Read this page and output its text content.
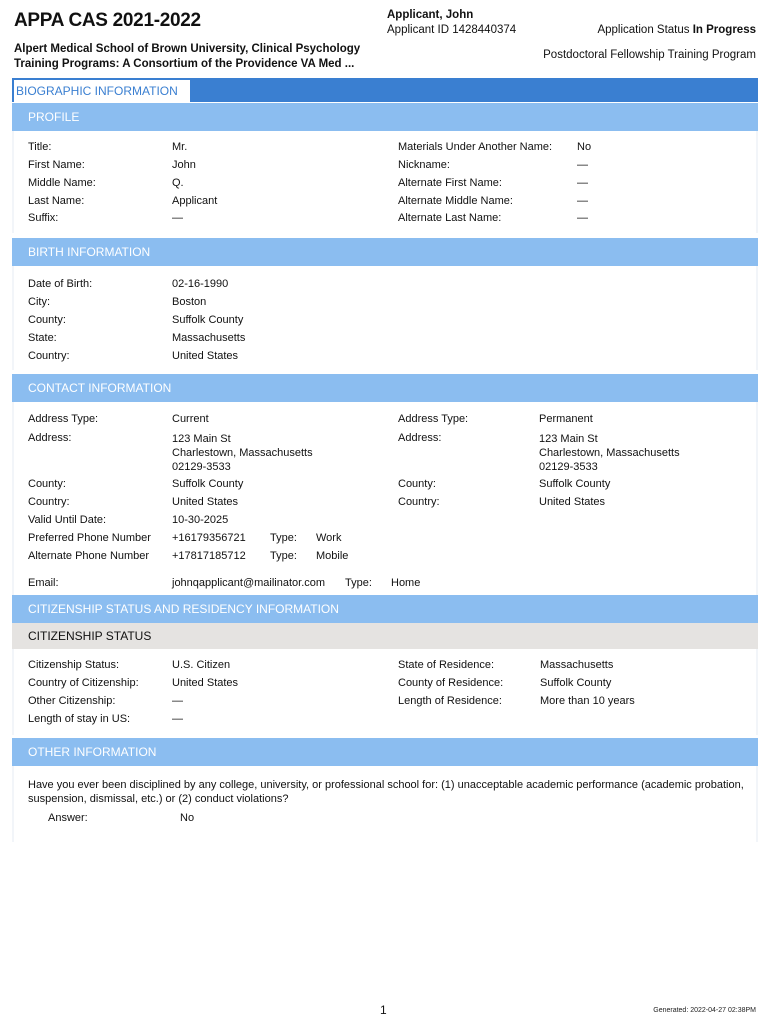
APPA CAS 2021-2022
Alpert Medical School of Brown University, Clinical Psychology Training Programs: A Consortium of the Providence VA Med ...
Applicant, John
Applicant ID 1428440374	Application Status In Progress
Postdoctoral Fellowship Training Program
BIOGRAPHIC INFORMATION
PROFILE
Title:	Mr.
First Name:	John
Middle Name:	Q.
Last Name:	Applicant
Suffix:	—
Materials Under Another Name: No
Nickname:	—
Alternate First Name:	—
Alternate Middle Name:	—
Alternate Last Name:	—
BIRTH INFORMATION
Date of Birth:	02-16-1990
City:	Boston
County:	Suffolk County
State:	Massachusetts
Country:	United States
CONTACT INFORMATION
Address Type:	Current
Address:	123 Main St
Charlestown, Massachusetts
02129-3533
County:	Suffolk County
Country:	United States
Valid Until Date:	10-30-2025
Preferred Phone Number +16179356721 Type: Work
Alternate Phone Number +17817185712 Type: Mobile
Email:	johnqapplicant@mailinator.com Type: Home
Address Type:	Permanent
Address:	123 Main St
Charlestown, Massachusetts
02129-3533
County:	Suffolk County
Country:	United States
CITIZENSHIP STATUS AND RESIDENCY INFORMATION
CITIZENSHIP STATUS
Citizenship Status:	U.S. Citizen
Country of Citizenship:	United States
Other Citizenship:	—
Length of stay in US:	—
State of Residence:	Massachusetts
County of Residence:	Suffolk County
Length of Residence:	More than 10 years
OTHER INFORMATION
Have you ever been disciplined by any college, university, or professional school for: (1) unacceptable academic performance (academic probation, suspension, dismissal, etc.) or (2) conduct violations?
Answer:	No
1	Generated: 2022-04-27 02:38PM
